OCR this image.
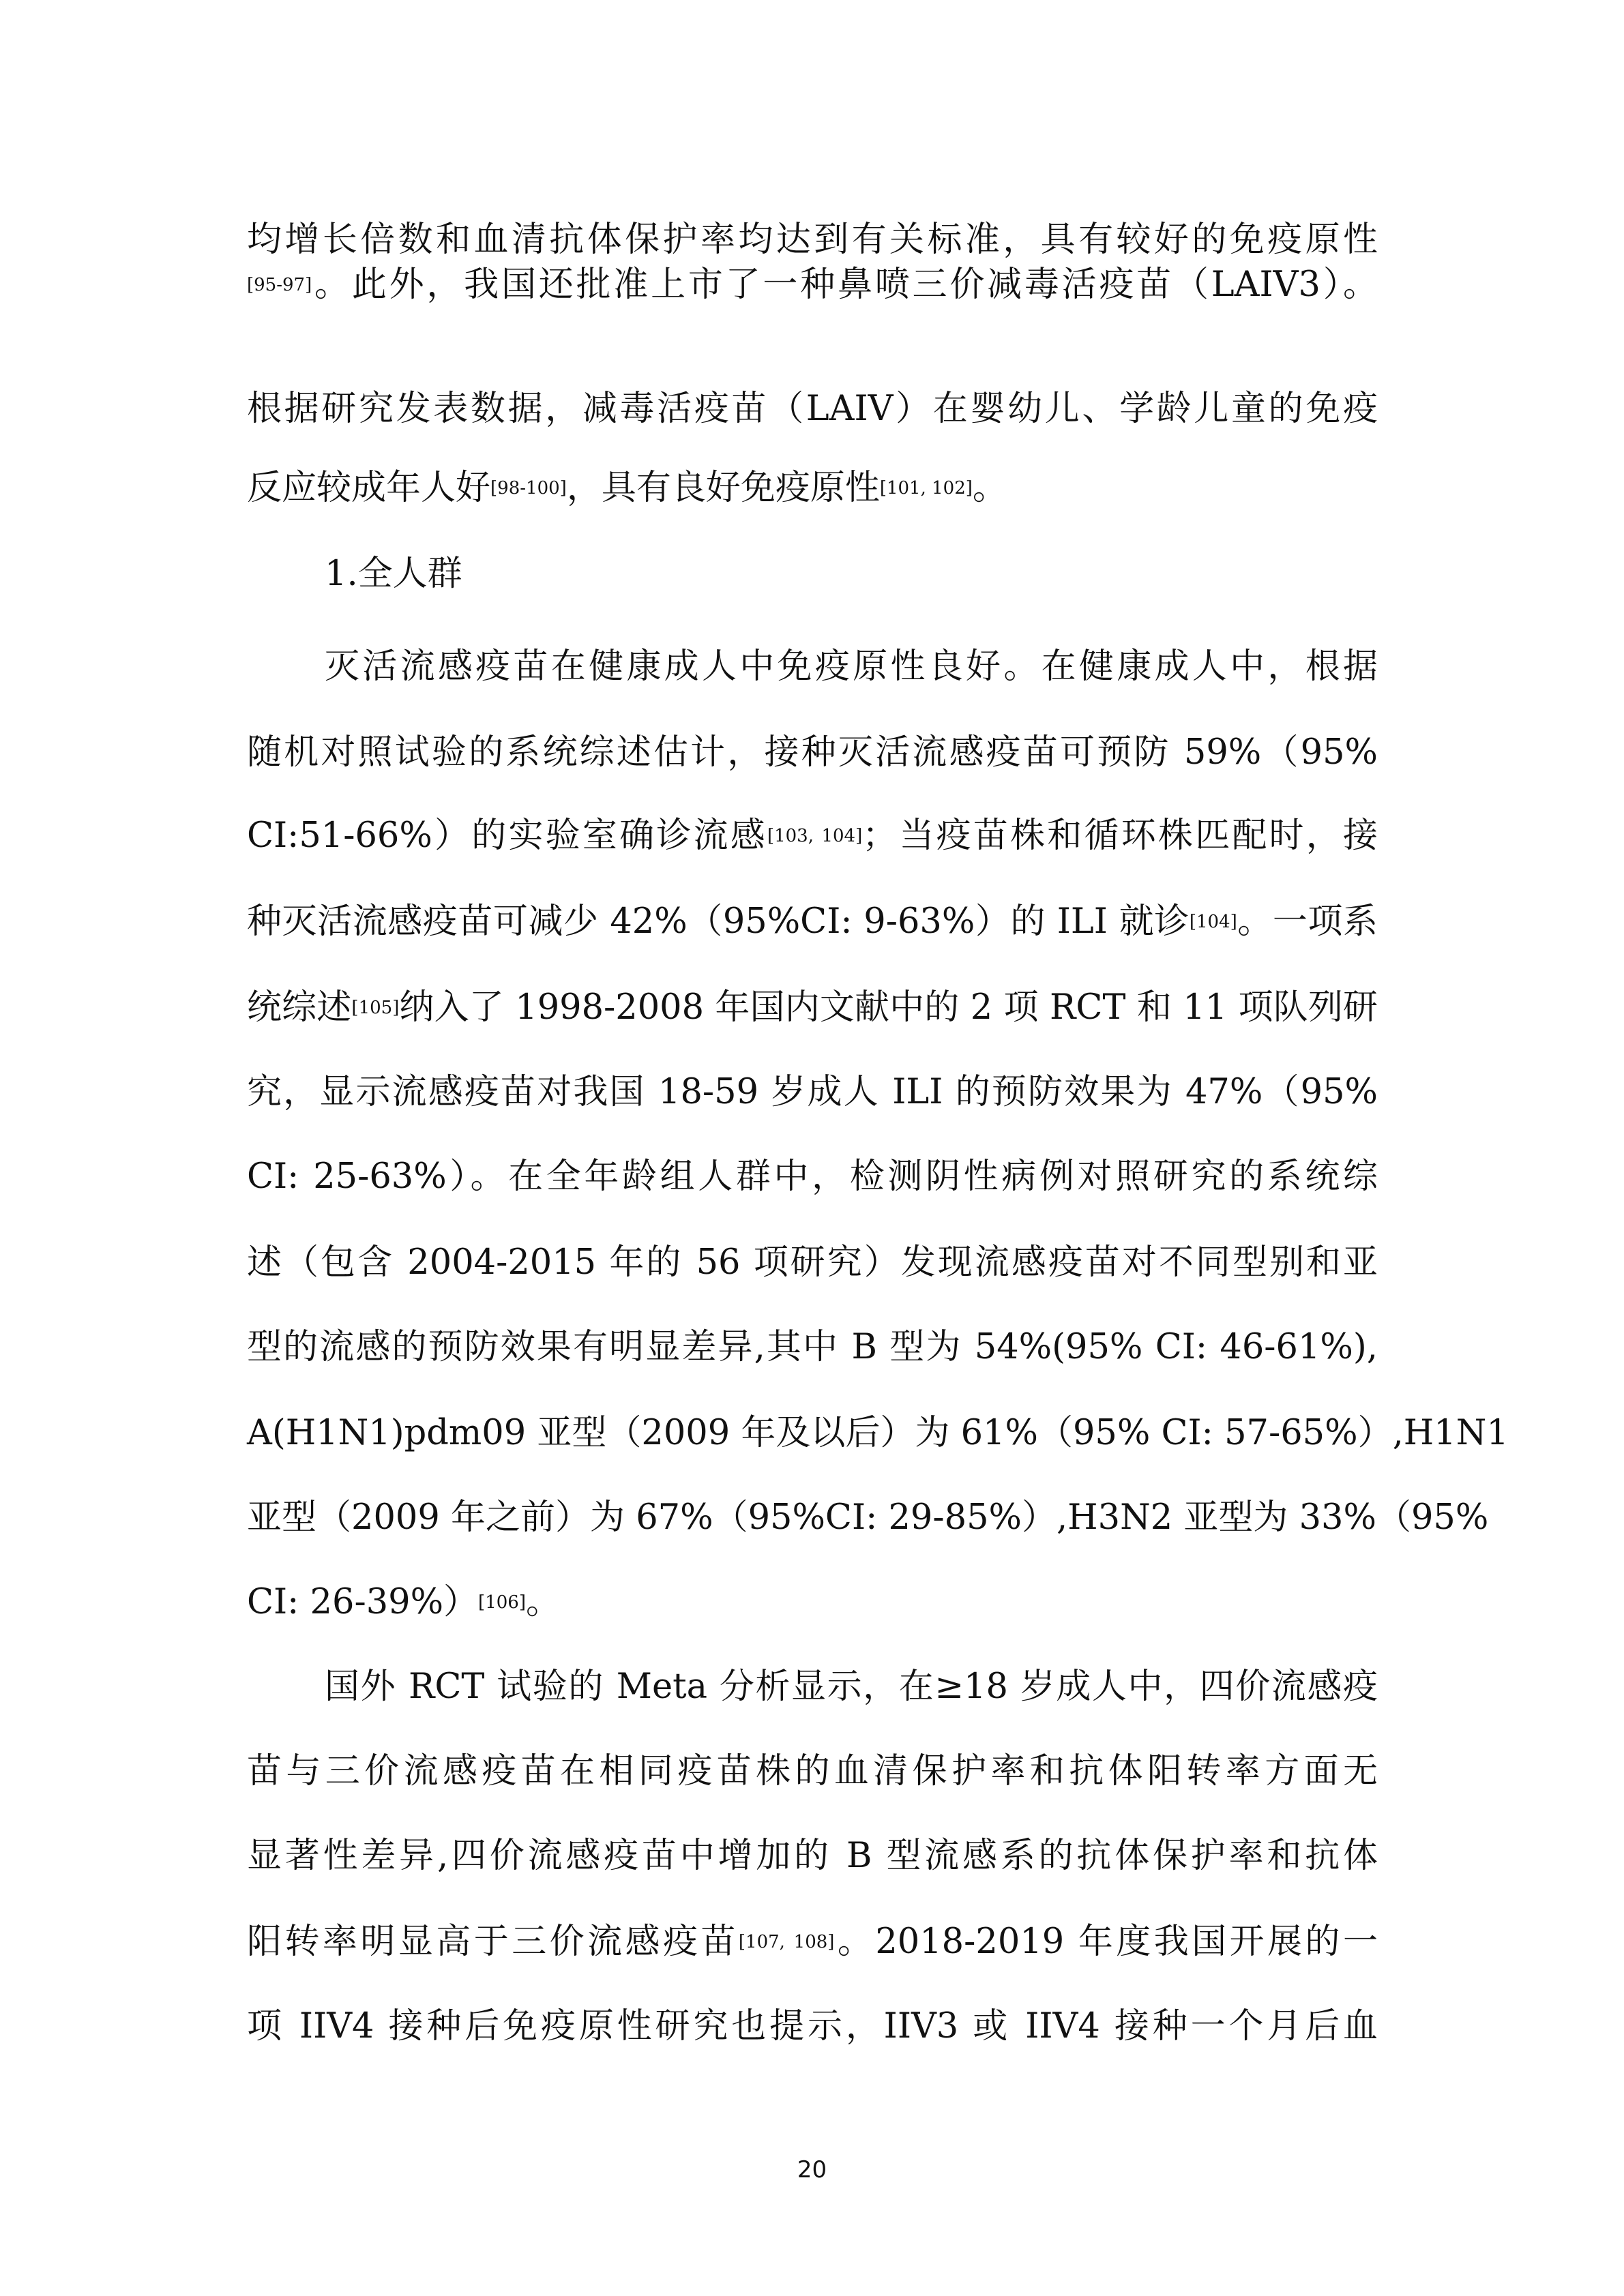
均增长倍数和血清抗体保护率均达到有关标准，具有较好的免疫原性
[95-97]。此外，我国还批准上市了一种鼻喷三价减毒活疫苗（LAIV3）。
根据研究发表数据，减毒活疫苗（LAIV）在婴幼儿、学龄儿童的免疫
反应较成年人好[98-100]，具有良好免疫原性[101, 102]。
1.全人群
灭活流感疫苗在健康成人中免疫原性良好。在健康成人中，根据
随机对照试验的系统综述估计，接种灭活流感疫苗可预防 59%（95%
CI:51-66%）的实验室确诊流感[103, 104]；当疫苗株和循环株匹配时，接
种灭活流感疫苗可减少 42%（95%CI: 9-63%）的 ILI 就诊[104]。一项系
统综述[105]纳入了 1998-2008 年国内文献中的 2 项 RCT 和 11 项队列研
究，显示流感疫苗对我国 18-59 岁成人 ILI 的预防效果为 47%（95%
CI: 25-63%）。在全年龄组人群中，检测阴性病例对照研究的系统综
述（包含 2004-2015 年的 56 项研究）发现流感疫苗对不同型别和亚
型的流感的预防效果有明显差异,其中 B 型为 54%(95% CI: 46-61%),
A(H1N1)pdm09 亚型（2009 年及以后）为 61%（95% CI: 57-65%）,H1N1
亚型（2009 年之前）为 67%（95%CI: 29-85%）,H3N2 亚型为 33%（95%
CI: 26-39%）[106]。
国外 RCT 试验的 Meta 分析显示，在≥18 岁成人中，四价流感疫
苗与三价流感疫苗在相同疫苗株的血清保护率和抗体阳转率方面无
显著性差异,四价流感疫苗中增加的 B 型流感系的抗体保护率和抗体
阳转率明显高于三价流感疫苗[107, 108]。2018-2019 年度我国开展的一
项 IIV4 接种后免疫原性研究也提示，IIV3 或 IIV4 接种一个月后血
20
